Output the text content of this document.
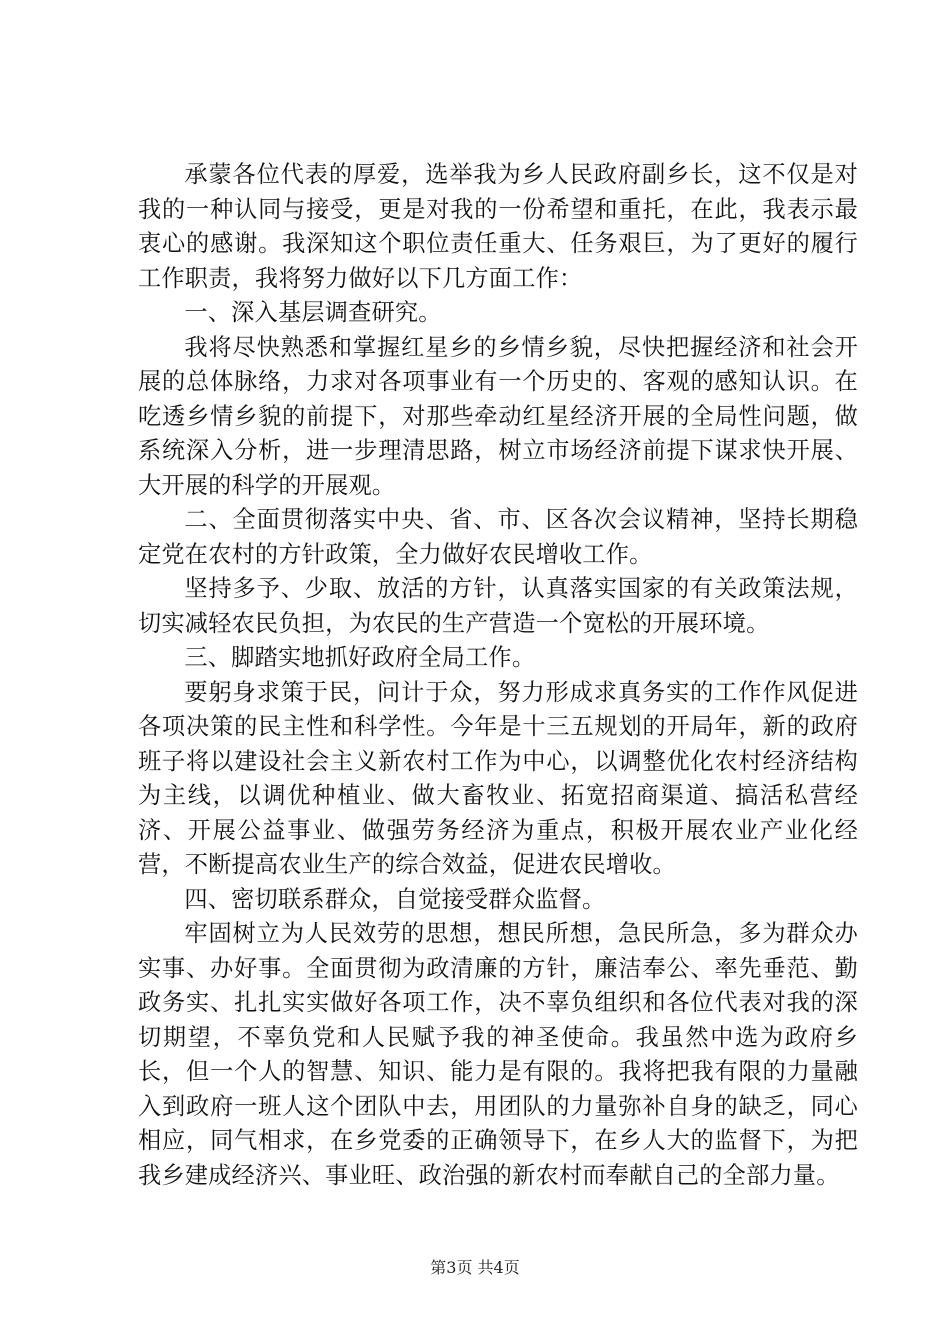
承蒙各位代表的厚爱，选举我为乡人民政府副乡长，这不仅是对我的一种认同与接受，更是对我的一份希望和重托，在此，我表示最衷心的感谢。我深知这个职位责任重大、任务艰巨，为了更好的履行工作职责，我将努力做好以下几方面工作：

一、深入基层调查研究。

我将尽快熟悉和掌握红星乡的乡情乡貌，尽快把握经济和社会开展的总体脉络，力求对各项事业有一个历史的、客观的感知认识。在吃透乡情乡貌的前提下，对那些牵动红星经济开展的全局性问题，做系统深入分析，进一步理清思路，树立市场经济前提下谋求快开展、大开展的科学的开展观。

二、全面贯彻落实中央、省、市、区各次会议精神，坚持长期稳定党在农村的方针政策，全力做好农民增收工作。

坚持多予、少取、放活的方针，认真落实国家的有关政策法规，切实减轻农民负担，为农民的生产营造一个宽松的开展环境。

三、脚踏实地抓好政府全局工作。

要躬身求策于民，问计于众，努力形成求真务实的工作作风促进各项决策的民主性和科学性。今年是十三五规划的开局年，新的政府班子将以建设社会主义新农村工作为中心，以调整优化农村经济结构为主线，以调优种植业、做大畜牧业、拓宽招商渠道、搞活私营经济、开展公益事业、做强劳务经济为重点，积极开展农业产业化经营，不断提高农业生产的综合效益，促进农民增收。

四、密切联系群众，自觉接受群众监督。

牢固树立为人民效劳的思想，想民所想，急民所急，多为群众办实事、办好事。全面贯彻为政清廉的方针，廉洁奉公、率先垂范、勤政务实、扎扎实实做好各项工作，决不辜负组织和各位代表对我的深切期望，不辜负党和人民赋予我的神圣使命。我虽然中选为政府乡长，但一个人的智慧、知识、能力是有限的。我将把我有限的力量融入到政府一班人这个团队中去，用团队的力量弥补自身的缺乏，同心相应，同气相求，在乡党委的正确领导下，在乡人大的监督下，为把我乡建成经济兴、事业旺、政治强的新农村而奉献自己的全部力量。

第3页 共4页
